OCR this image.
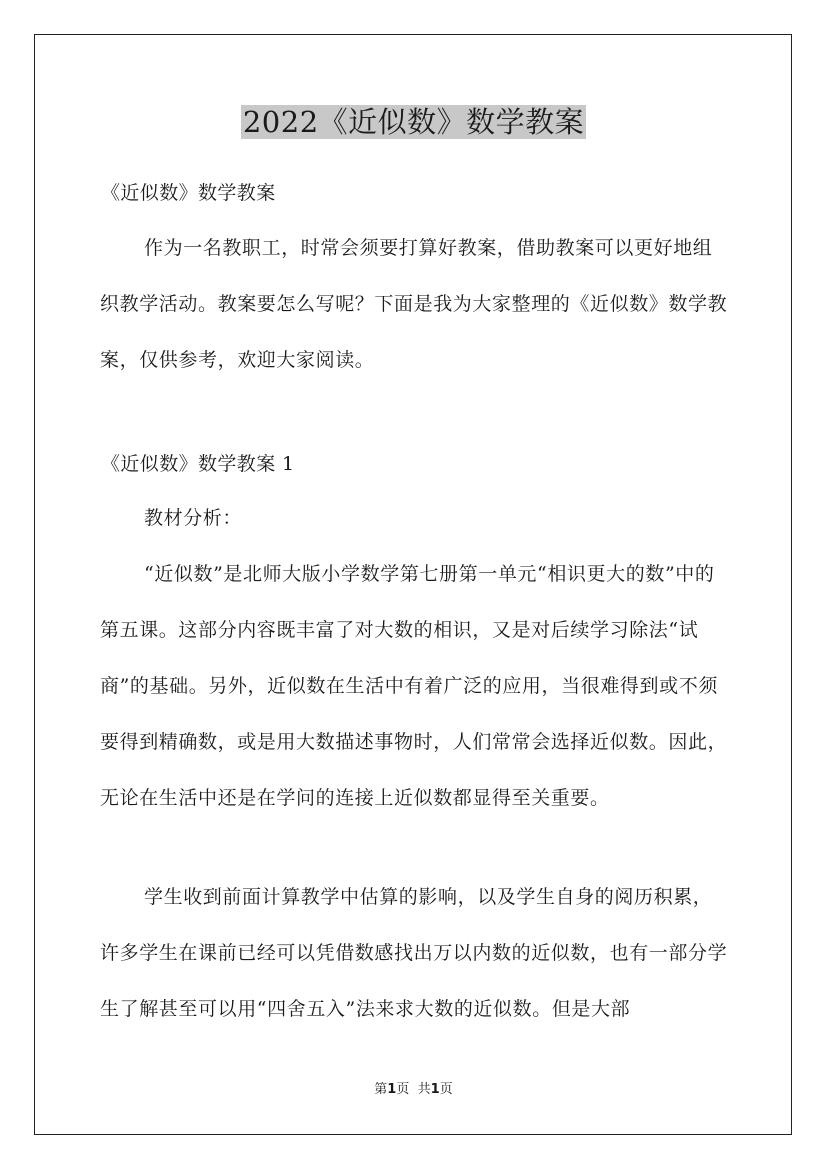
2022《近似数》数学教案

《近似数》数学教案

作为一名教职工，时常会须要打算好教案，借助教案可以更好地组织教学活动。教案要怎么写呢？下面是我为大家整理的《近似数》数学教案，仅供参考，欢迎大家阅读。

《近似数》数学教案 1

教材分析：

“近似数”是北师大版小学数学第七册第一单元“相识更大的数”中的第五课。这部分内容既丰富了对大数的相识，又是对后续学习除法“试商”的基础。另外，近似数在生活中有着广泛的应用，当很难得到或不须要得到精确数，或是用大数描述事物时，人们常常会选择近似数。因此，无论在生活中还是在学问的连接上近似数都显得至关重要。

学生收到前面计算教学中估算的影响，以及学生自身的阅历积累，许多学生在课前已经可以凭借数感找出万以内数的近似数，也有一部分学生了解甚至可以用“四舍五入”法来求大数的近似数。但是大部

第1页 共1页
